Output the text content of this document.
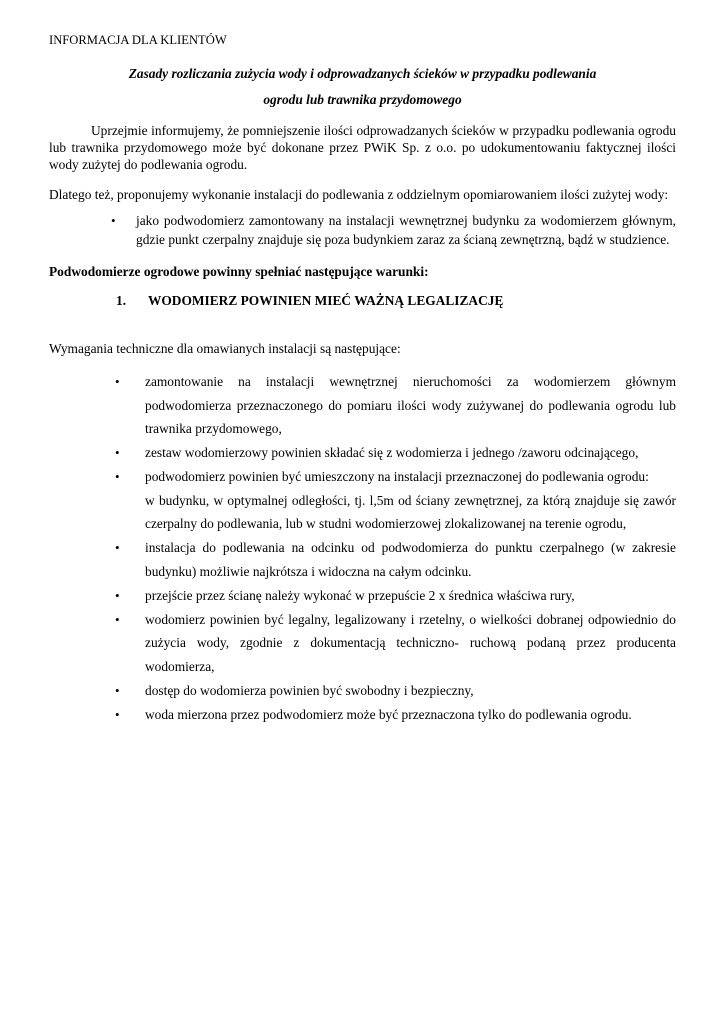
INFORMACJA DLA KLIENTÓW

Zasady rozliczania zużycia wody i odprowadzanych ścieków w przypadku podlewania

ogrodu lub trawnika przydomowego

Uprzejmie informujemy, że pomniejszenie ilości odprowadzanych ścieków w przypadku podlewania ogrodu lub trawnika przydomowego może być dokonane przez PWiK Sp. z o.o. po udokumentowaniu faktycznej ilości wody zużytej do podlewania ogrodu.

Dlatego też, proponujemy wykonanie instalacji do podlewania z oddzielnym opomiarowaniem ilości zużytej wody:

• jako podwodomierz zamontowany na instalacji wewnętrznej budynku za wodomierzem głównym, gdzie punkt czerpalny znajduje się poza budynkiem zaraz za ścianą zewnętrzną, bądź w studzience.

Podwodomierze ogrodowe powinny spełniać następujące warunki:

1. WODOMIERZ POWINIEN MIEĆ WAŻNĄ LEGALIZACJĘ

Wymagania techniczne dla omawianych instalacji są następujące:

• zamontowanie na instalacji wewnętrznej nieruchomości za wodomierzem głównym podwodomierza przeznaczonego do pomiaru ilości wody zużywanej do podlewania ogrodu lub trawnika przydomowego,
• zestaw wodomierzowy powinien składać się z wodomierza i jednego /zaworu odcinającego,
• podwodomierz powinien być umieszczony na instalacji przeznaczonej do podlewania ogrodu:
w budynku, w optymalnej odległości, tj. l,5m od ściany zewnętrznej, za którą znajduje się zawór czerpalny do podlewania, lub w studni wodomierzowej zlokalizowanej na terenie ogrodu,
• instalacja do podlewania na odcinku od podwodomierza do punktu czerpalnego (w zakresie budynku) możliwie najkrótsza i widoczna na całym odcinku.
• przejście przez ścianę należy wykonać w przepuście 2 x średnica właściwa rury,
• wodomierz powinien być legalny, legalizowany i rzetelny, o wielkości dobranej odpowiednio do zużycia wody, zgodnie z dokumentacją techniczno- ruchową podaną przez producenta wodomierza,
• dostęp do wodomierza powinien być swobodny i bezpieczny,
• woda mierzona przez podwodomierz może być przeznaczona tylko do podlewania ogrodu.
